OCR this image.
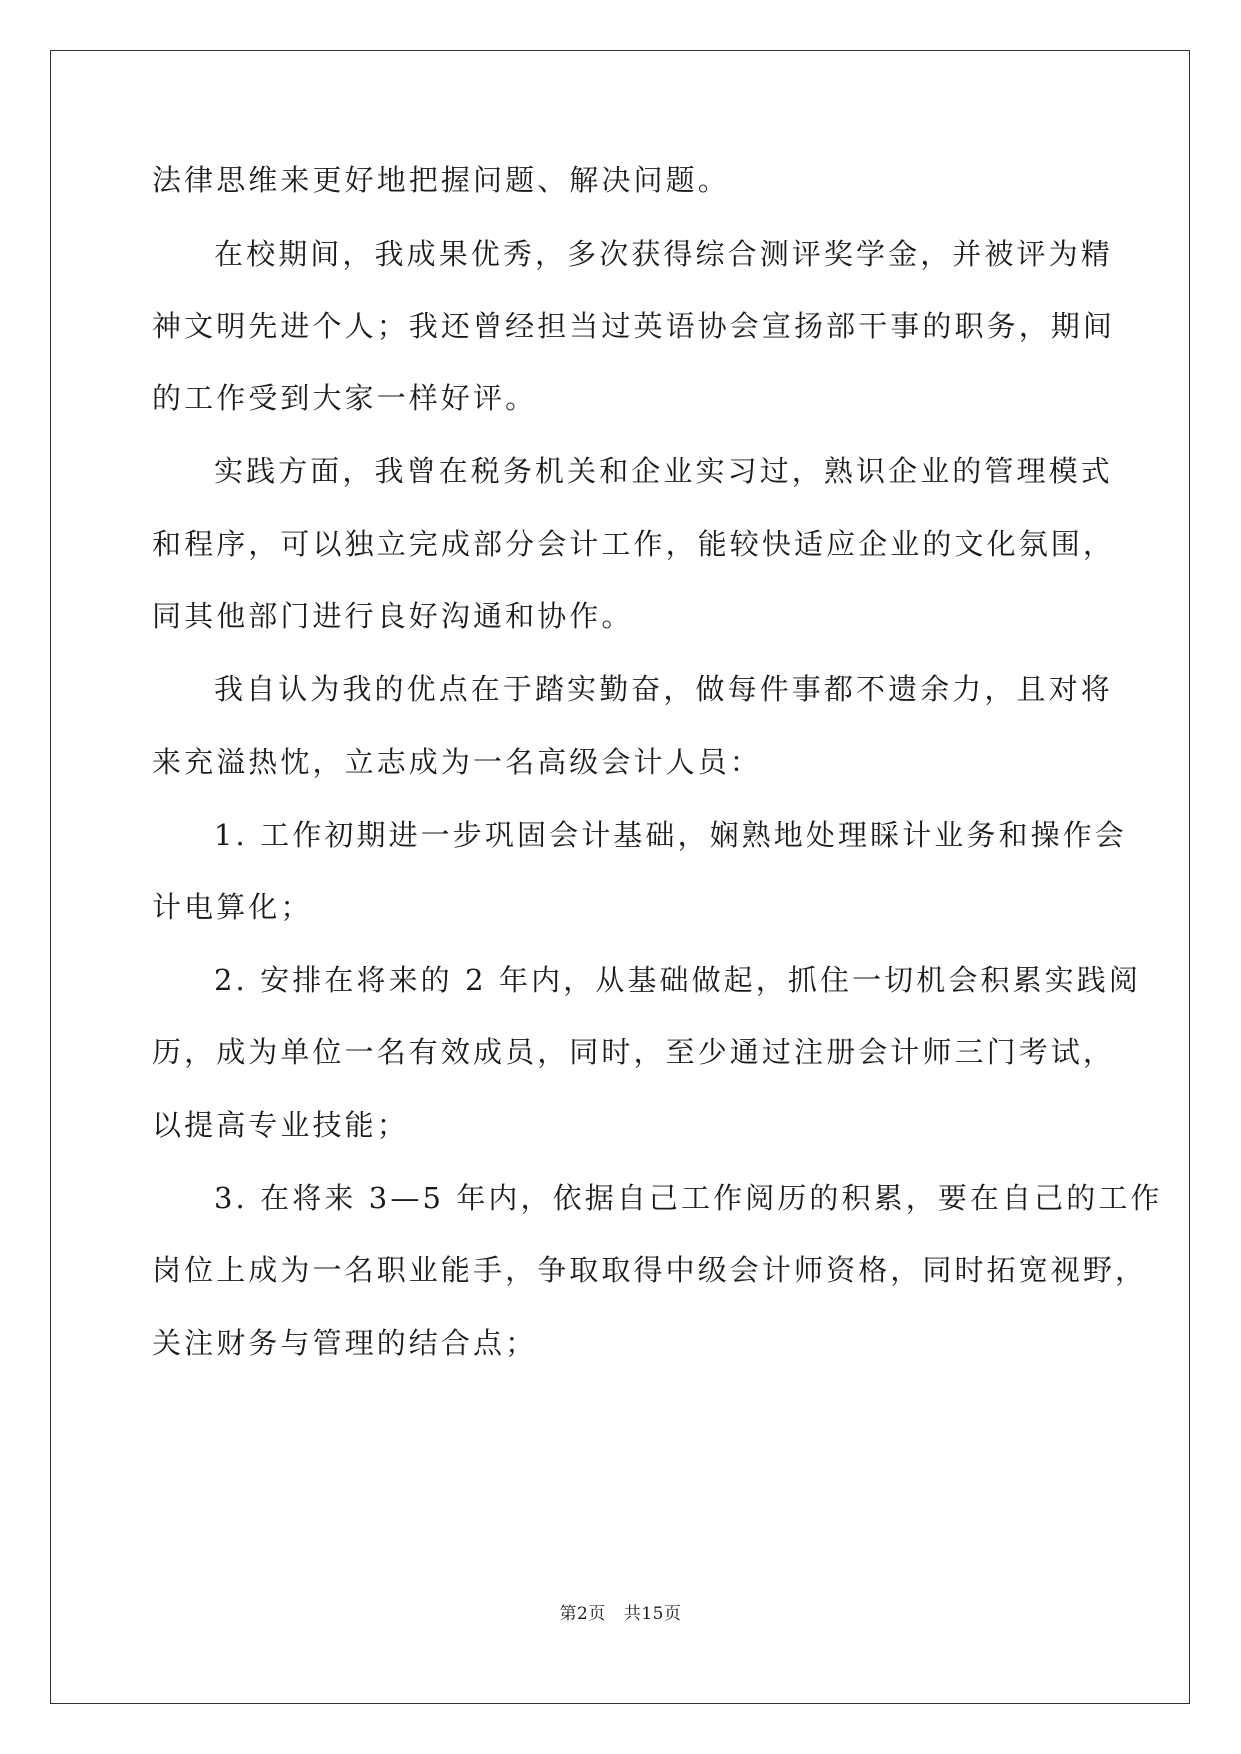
法律思维来更好地把握问题、解决问题。
在校期间，我成果优秀，多次获得综合测评奖学金，并被评为精
神文明先进个人；我还曾经担当过英语协会宣扬部干事的职务，期间
的工作受到大家一样好评。
实践方面，我曾在税务机关和企业实习过，熟识企业的管理模式
和程序，可以独立完成部分会计工作，能较快适应企业的文化氛围，
同其他部门进行良好沟通和协作。
我自认为我的优点在于踏实勤奋，做每件事都不遗余力，且对将
来充溢热忱，立志成为一名高级会计人员：
1. 工作初期进一步巩固会计基础，娴熟地处理睬计业务和操作会
计电算化；
2. 安排在将来的 2 年内，从基础做起，抓住一切机会积累实践阅
历，成为单位一名有效成员，同时，至少通过注册会计师三门考试，
以提高专业技能；
3. 在将来 3—5 年内，依据自己工作阅历的积累，要在自己的工作
岗位上成为一名职业能手，争取取得中级会计师资格，同时拓宽视野，
关注财务与管理的结合点；
第2页 共15页
